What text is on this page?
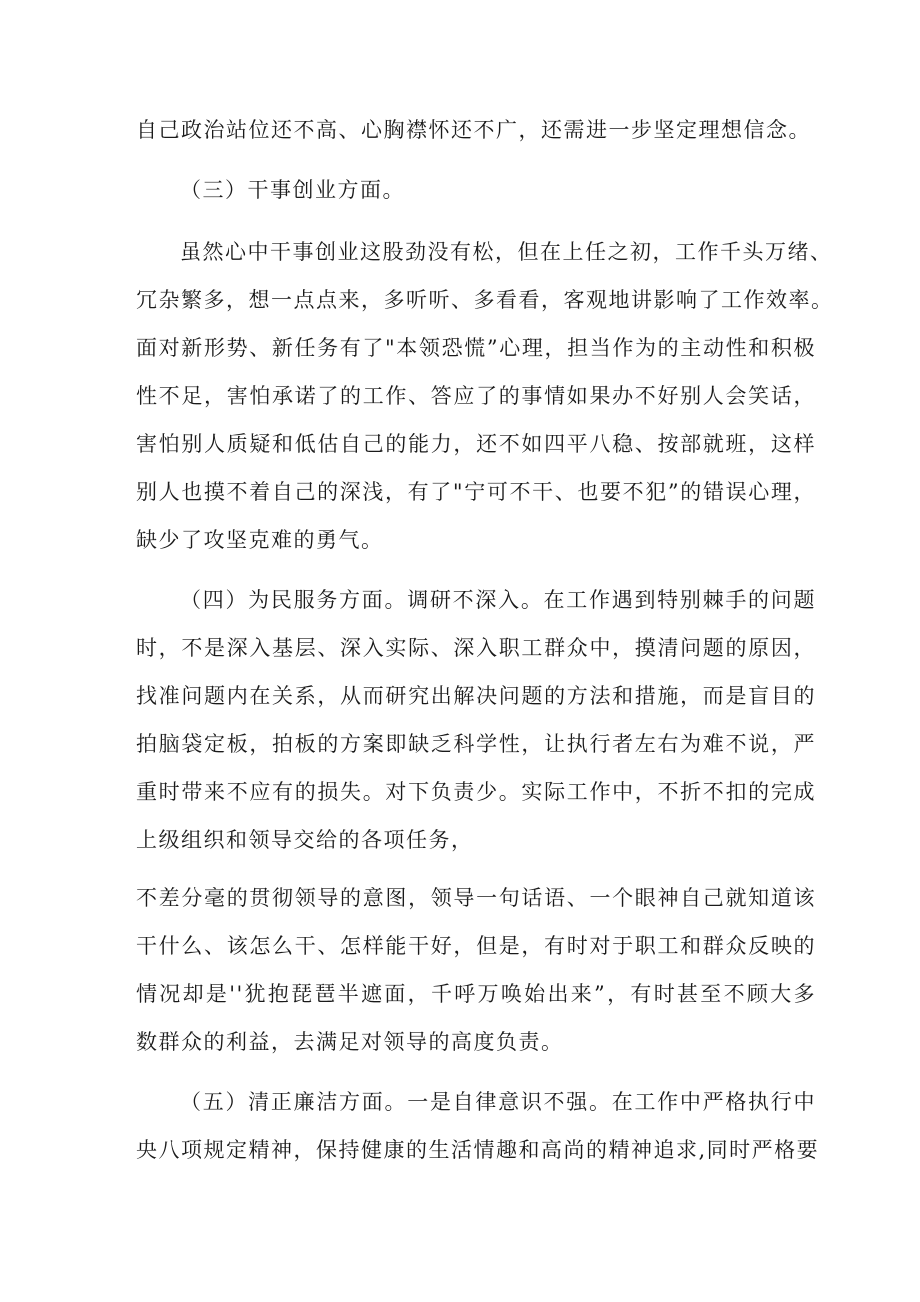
自己政治站位还不高、心胸襟怀还不广，还需进一步坚定理想信念。

（三）干事创业方面。

虽然心中干事创业这股劲没有松，但在上任之初，工作千头万绪、

冗杂繁多，想一点点来，多听听、多看看，客观地讲影响了工作效率。

面对新形势、新任务有了"本领恐慌”心理，担当作为的主动性和积极

性不足，害怕承诺了的工作、答应了的事情如果办不好别人会笑话，

害怕别人质疑和低估自己的能力，还不如四平八稳、按部就班，这样

别人也摸不着自己的深浅，有了"宁可不干、也要不犯”的错误心理，

缺少了攻坚克难的勇气。

（四）为民服务方面。调研不深入。在工作遇到特别棘手的问题

时，不是深入基层、深入实际、深入职工群众中，摸清问题的原因，

找准问题内在关系，从而研究出解决问题的方法和措施，而是盲目的

拍脑袋定板，拍板的方案即缺乏科学性，让执行者左右为难不说，严

重时带来不应有的损失。对下负责少。实际工作中，不折不扣的完成

上级组织和领导交给的各项任务，

不差分毫的贯彻领导的意图，领导一句话语、一个眼神自己就知道该

干什么、该怎么干、怎样能干好，但是，有时对于职工和群众反映的

情况却是''犹抱琵琶半遮面，千呼万唤始出来”，有时甚至不顾大多

数群众的利益，去满足对领导的高度负责。

（五）清正廉洁方面。一是自律意识不强。在工作中严格执行中

央八项规定精神，保持健康的生活情趣和高尚的精神追求,同时严格要
